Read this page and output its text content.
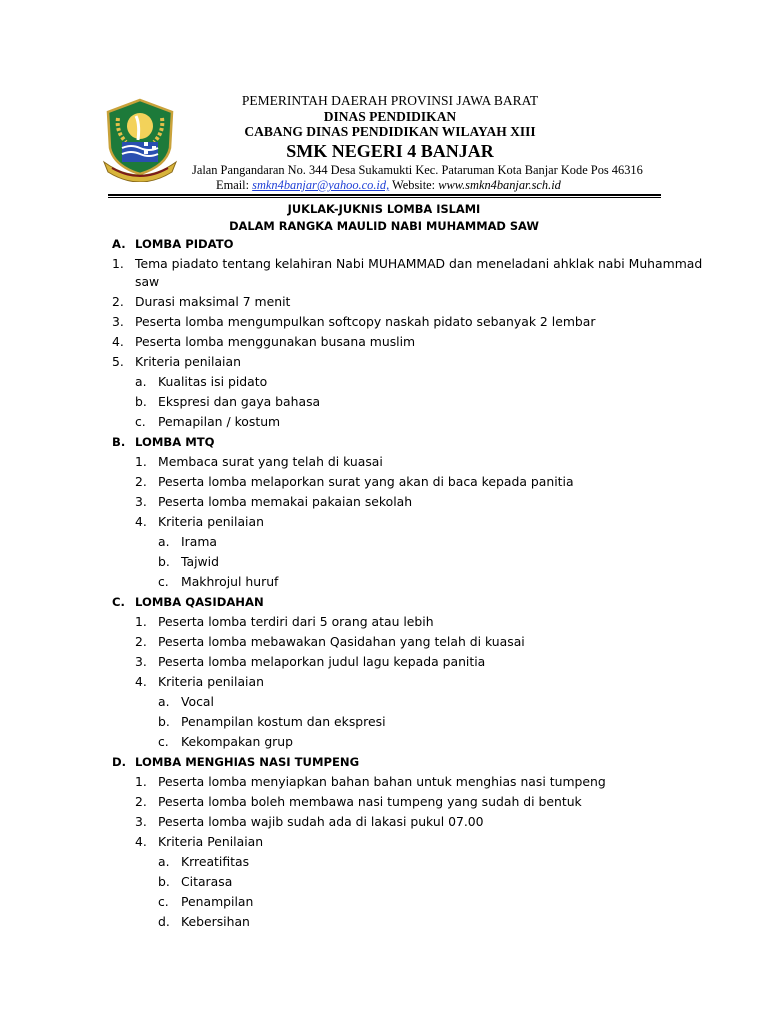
PEMERINTAH DAERAH PROVINSI JAWA BARAT
DINAS PENDIDIKAN
CABANG DINAS PENDIDIKAN WILAYAH XIII
SMK NEGERI 4 BANJAR
Jalan Pangandaran No. 344 Desa Sukamukti Kec. Pataruman Kota Banjar Kode Pos 46316
Email: smkn4banjar@yahoo.co.id, Website: www.smkn4banjar.sch.id
JUKLAK-JUKNIS LOMBA ISLAMI
DALAM RANGKA MAULID NABI MUHAMMAD SAW
A. LOMBA PIDATO
1. Tema piadato tentang kelahiran Nabi MUHAMMAD dan meneladani ahklak nabi Muhammad
saw
2. Durasi maksimal 7 menit
3. Peserta lomba mengumpulkan softcopy naskah pidato sebanyak 2 lembar
4. Peserta lomba menggunakan busana muslim
5. Kriteria penilaian
a. Kualitas isi pidato
b. Ekspresi dan gaya bahasa
c. Pemapilan / kostum
B. LOMBA MTQ
1. Membaca surat yang telah di kuasai
2. Peserta lomba melaporkan surat yang akan di baca kepada panitia
3. Peserta lomba memakai pakaian sekolah
4. Kriteria penilaian
a. Irama
b. Tajwid
c. Makhrojul huruf
C. LOMBA QASIDAHAN
1. Peserta lomba terdiri dari 5 orang atau lebih
2. Peserta lomba mebawakan Qasidahan yang telah di kuasai
3. Peserta lomba melaporkan judul lagu kepada panitia
4. Kriteria penilaian
a. Vocal
b. Penampilan kostum dan ekspresi
c. Kekompakan grup
D. LOMBA MENGHIAS NASI TUMPENG
1. Peserta lomba menyiapkan bahan bahan untuk menghias nasi tumpeng
2. Peserta lomba boleh membawa nasi tumpeng yang sudah di bentuk
3. Peserta lomba wajib sudah ada di lakasi pukul 07.00
4. Kriteria Penilaian
a. Krreatifitas
b. Citarasa
c. Penampilan
d. Kebersihan
